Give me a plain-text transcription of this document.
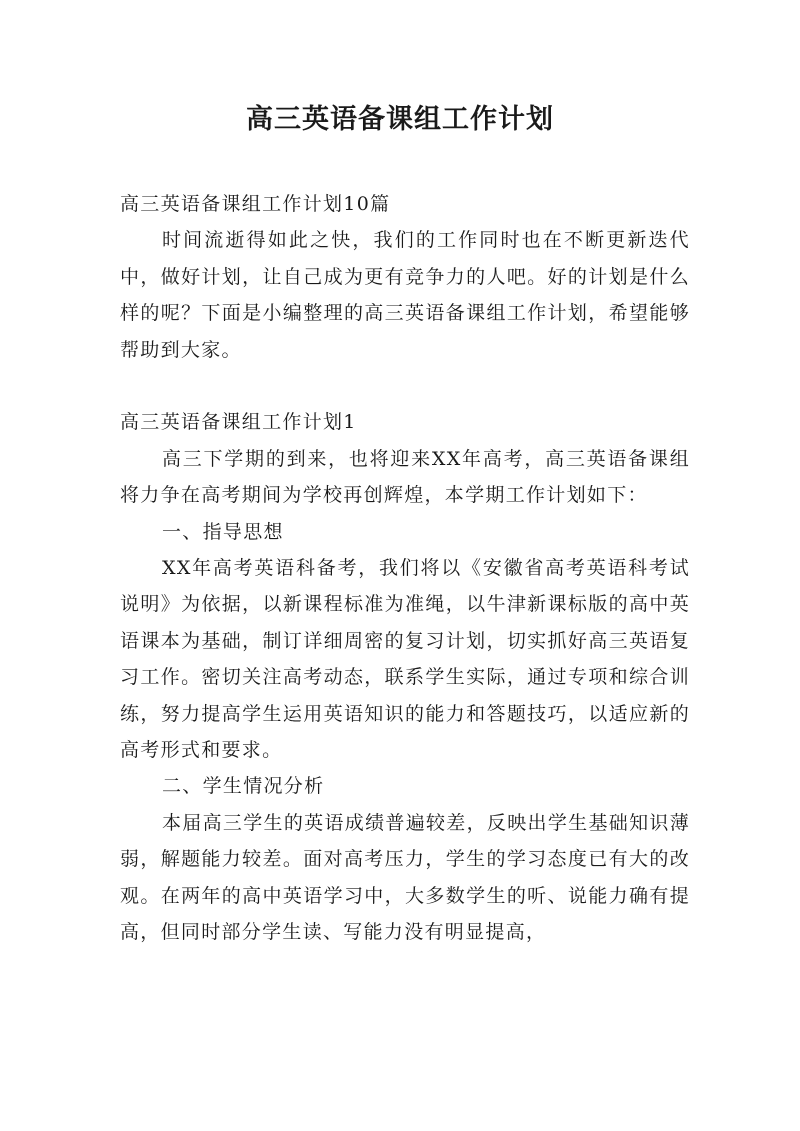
高三英语备课组工作计划

高三英语备课组工作计划10篇

时间流逝得如此之快，我们的工作同时也在不断更新迭代中，做好计划，让自己成为更有竞争力的人吧。好的计划是什么样的呢？下面是小编整理的高三英语备课组工作计划，希望能够帮助到大家。

高三英语备课组工作计划1

高三下学期的到来，也将迎来XX年高考，高三英语备课组将力争在高考期间为学校再创辉煌，本学期工作计划如下：

一、指导思想

XX年高考英语科备考，我们将以《安徽省高考英语科考试说明》为依据，以新课程标准为准绳，以牛津新课标版的高中英语课本为基础，制订详细周密的复习计划，切实抓好高三英语复习工作。密切关注高考动态，联系学生实际，通过专项和综合训练，努力提高学生运用英语知识的能力和答题技巧，以适应新的高考形式和要求。

二、学生情况分析

本届高三学生的英语成绩普遍较差，反映出学生基础知识薄弱，解题能力较差。面对高考压力，学生的学习态度已有大的改观。在两年的高中英语学习中，大多数学生的听、说能力确有提高，但同时部分学生读、写能力没有明显提高，
